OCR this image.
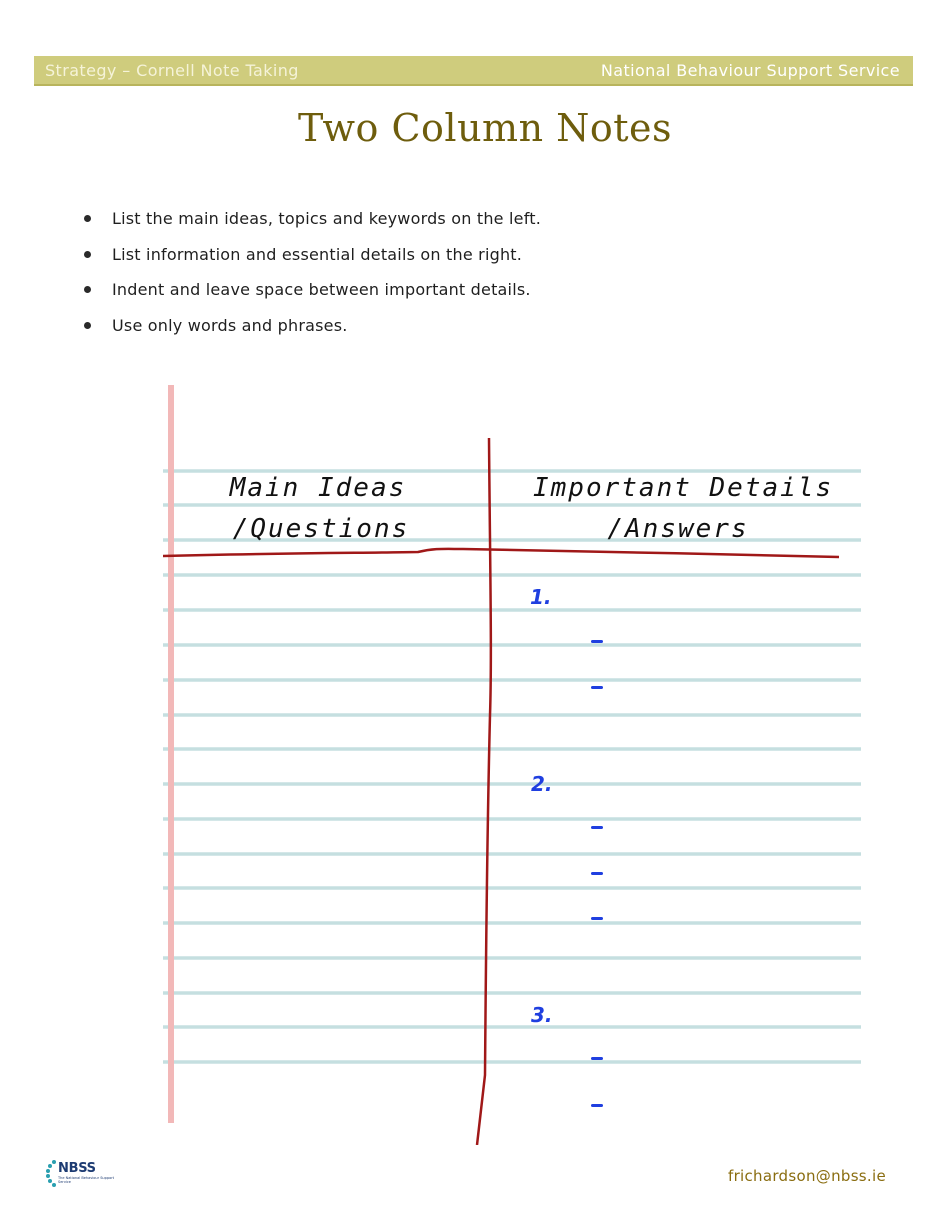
Strategy – Cornell Note Taking	National Behaviour Support Service
Two Column Notes
List the main ideas, topics and keywords on the left.
List information and essential details on the right.
Indent and leave space between important details.
Use only words and phrases.
Main Ideas
/Questions
Important Details
/Answers
1.
2.
3.
NBSS
The National Behaviour Support Service	frichardson@nbss.ie
